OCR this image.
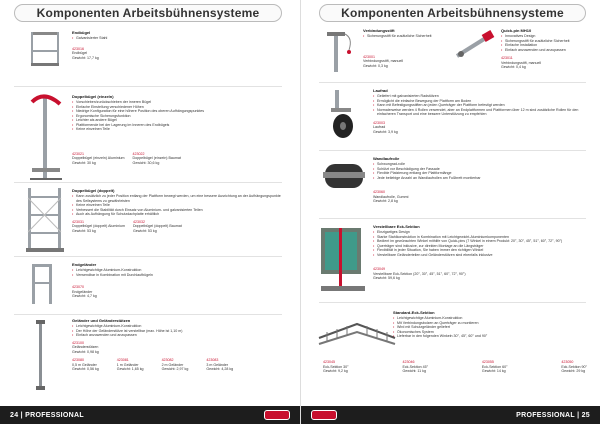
Komponenten Arbeitsbühnensysteme
Endbügel
• Galvanisierter Stahl
423016
Endbügel
Gewicht: 17,7 kg
Doppelbügel (einzeln)
• Vorschieben/zurückschieben der inneren Bügel
• Einfache Einstellung verschiedener Höhen
• Niedrige Konfiguration für eine höhere Position des oberen Aufhängungspunktes
• Ergonomische Sicherungsfunktion
• Leichter als andere Bügel
• Plattformende bei der Lagerung im Inneren des Endbügels
• Keine einzelnen Teile
423021
Doppelbügel (einzeln) Aluminium
Gewicht: 30 kg
423022
Doppelbügel (einzeln) Baumat
Gewicht: 30,6 kg
Doppelbügel (doppelt)
• Kann zusätzlich zu jeder Position entlang der Plattform bewegt werden, um eine bessere Ausrichtung an der Aufhängungspunkte des Seilsystems zu gewährleisten
• Keine einzelnen Teile
• Verbessert die Stabilität durch Einsatz von Aluminium- und galvanisierten Teilen
• Auch als Aufhängung für Schutzdachplatte erhältlich
423031
Doppelbügel (doppelt) Aluminium
Gewicht: 53 kg
423032
Doppelbügel (doppelt) Baumat
Gewicht: 53 kg
Endgeländer
• Leichtgewichtige Aluminium-Konstruktion
• Verwendbar in Kombination mit Durchlaufbügeln
423070
Endgeländer
Gewicht: 4,7 kg
Geländer und Geländerstützen
• Leichtgewichtige Aluminium-Konstruktion
• Der Höhe der Geländerstütze ist verstellbar (max. Höhe ist 1,10 m)
• Einfach anzuwenden und anzupassen
423100
Geländerstützen
Gewicht: 0,98 kg
423080
0,5 m Geländer
Gewicht: 0,56 kg
423081
1 m Geländer
Gewicht: 1,65 kg
423082
2 m Geländer
Gewicht: 2,97 kg
423083
3 m Geländer
Gewicht: 4,28 kg
24 | PROFESSIONAL
Komponenten Arbeitsbühnensysteme
Verbindungsstift
• Sicherungsstift für zusätzliche Sicherheit
423001
Verbindungsstift, manuell
Gewicht: 0,3 kg
Quick-pin MH10
• Innovatives Design
• Sicherungsstift für zusätzliche Sicherheit
• Einfache Installation
• Einfach anzuwenden und anzupassen
423011
Verbindungsstift, manuell
Gewicht: 0,4 kg
Laufrad
• Geliefert mit galvanisierten Radstützen
• Ermöglicht die einfache Bewegung der Plattform am Boden
• Kann mit Befestigungsstiften an jeden Querträger der Plattform befestigt werden
• Normalerweise werden 4 Rollen verwendet, aber an Endplattformen und Plattformen über 12 m sind zusätzliche Rollen für den einfacheren Transport und eine bessere Unterstützung zu empfehlen
423003
Laufrad
Gewicht: 3,9 kg
Wandlaufrolle
• Schwungrad-rolle
• Schützt vor Beschädigung der Fassade
• Flexible Platzierung entlang der Plattformlänge
• Jede beliebige Anzahl an Wandlaufrollen am Fußbrett montierbar
423060
Wandlaufrolle, Gummi
Gewicht: 2,8 kg
Verstellbare Eck-Sektion
• Einzigartiges Design
• Starke Stahlkonstruktion in Kombination mit Leichtgewicht-Aluminiumkomponenten
• Bedient im gewünschten Winkel mithilfe von Quick-pins (7 Winkel in einem Produkt: 20°, 30°, 45°, 51°, 60°, 72°, 90°)
• Querträger sind inklusive, zur direkten Montage an die Längsträger
• Flexibilität in jeder Situation, Sie haben immer den richtigen Winkel
• Verstellbare Geländerteilen und Geländerstützen sind ebenfalls inklusive
423049
Verstellbare Eck-Sektion (20°, 30°, 45°, 51°, 60°, 72°, 90°)
Gewicht: 59,6 kg
Standard-Eck-Sektion
• Leichtgewichtige Aluminium-Konstruktion
• Mit Verbindungsbolzen an Querträger zu montieren
• Wird mit Schutzgeländer geliefert
• Ökonomisches System
• Lieferbar in den folgenden Winkeln 30°, 45°, 60° und 90°
423045
Eck-Sektion 30°
Gewicht: 9,2 kg
423046
Eck-Sektion 45°
Gewicht: 11 kg
423055
Eck-Sektion 60°
Gewicht: 14 kg
423050
Eck-Sektion 90°
Gewicht: 29 kg
PROFESSIONAL | 25
